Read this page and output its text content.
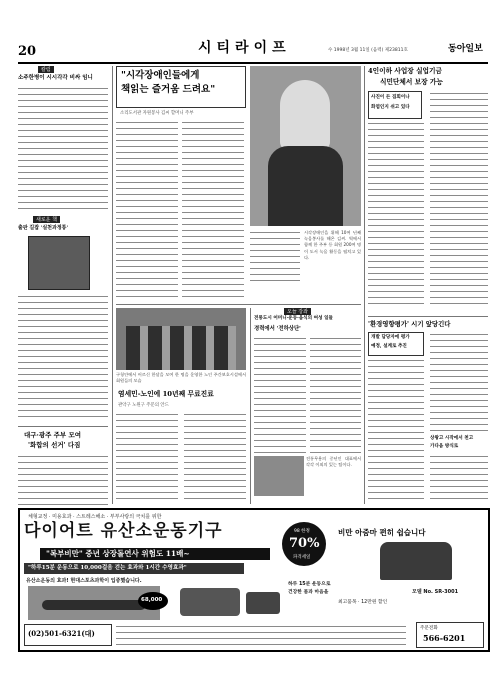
20	시티라이프	수 1998년 3월 11일 (음력) 제23811호	동아일보
칼럼
소주한병이 시시각각 비싸 임니
새로운 책
출판 길잡 '실천과정통'
대구·광주 주부 모여
'화합의 선거' 다짐
"시각장애인들에게
책읽는 즐거움 드려요"
소리도서관 자원봉사 김씨 할머니 주부
시각장애인을 위해 10여 년째 녹음봉사를 해온 김씨. 역에서 함께 한 주부 등 회원 200여 명이 도서 녹음 활동을 펼치고 있다.
4인이하 사업장 실업기금
식민단체서 보장 가능
사진이 든 집회이나
화염인지 쉬고 있다
구청안에서 어르신 한달을 모여 한 명을 운영한 노인 주간보호시설에서 회원들의 모습
염세민-노인에 10년째 무료진료
관악구 노원구 주문의 안드
오늘 강좌
전통도시 어머니·운동·음식의 여성 일들
경력에서 '전하상단'
전통무용의 중년인 대표에서 각각 이외의 있는 팀이다.
'환경영향평가' 시기 앞당긴다
개발 담당자에 평가
예정, 설계로 추진
상왕고 시작에서 천고
가다음 방식로
체형교정 · 미용효과 · 스트레스해소 · 부부사랑의 극치를 위한
다이어트 유산소운동기구
"복부비만" 중년 상장돌연사 위험도 11배~
"하루15분 운동으로 10,000걸음 걷는 효과와 1시간 수영효과"
유산소운동의 효과! 현대스포츠과학이 입증했습니다.
68,000
하루 15분 운동으로
건강한 몸과 마음을
98 한정
70%
파격세일
비만 아줌마 편히 쉽습니다
모델 No. SR-3001
최고품목 · 12만원 할인
(02)501-6321(대)
주문전화
566-6201
